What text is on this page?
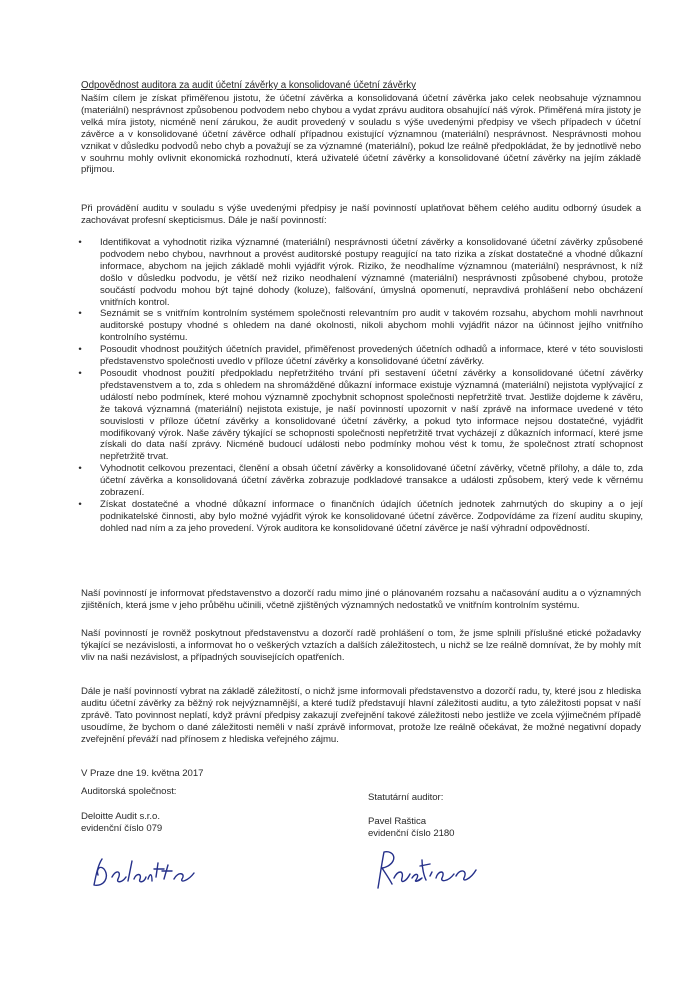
Odpovědnost auditora za audit účetní závěrky a konsolidované účetní závěrky
Naším cílem je získat přiměřenou jistotu, že účetní závěrka a konsolidovaná účetní závěrka jako celek neobsahuje významnou (materiální) nesprávnost způsobenou podvodem nebo chybou a vydat zprávu auditora obsahující náš výrok. Přiměřená míra jistoty je velká míra jistoty, nicméně není zárukou, že audit provedený v souladu s výše uvedenými předpisy ve všech případech v účetní závěrce a v konsolidované účetní závěrce odhalí případnou existující významnou (materiální) nesprávnost. Nesprávnosti mohou vznikat v důsledku podvodů nebo chyb a považují se za významné (materiální), pokud lze reálně předpokládat, že by jednotlivě nebo v souhrnu mohly ovlivnit ekonomická rozhodnutí, která uživatelé účetní závěrky a konsolidované účetní závěrky na jejím základě přijmou.
Při provádění auditu v souladu s výše uvedenými předpisy je naší povinností uplatňovat během celého auditu odborný úsudek a zachovávat profesní skepticismus. Dále je naší povinností:
•	Identifikovat a vyhodnotit rizika významné (materiální) nesprávnosti účetní závěrky a konsolidované účetní závěrky způsobené podvodem nebo chybou, navrhnout a provést auditorské postupy reagující na tato rizika a získat dostatečné a vhodné důkazní informace, abychom na jejich základě mohli vyjádřit výrok. Riziko, že neodhalíme významnou (materiální) nesprávnost, k níž došlo v důsledku podvodu, je větší než riziko neodhalení významné (materiální) nesprávnosti způsobené chybou, protože součástí podvodu mohou být tajné dohody (koluze), falšování, úmyslná opomenutí, nepravdivá prohlášení nebo obcházení vnitřních kontrol.
•	Seznámit se s vnitřním kontrolním systémem společnosti relevantním pro audit v takovém rozsahu, abychom mohli navrhnout auditorské postupy vhodné s ohledem na dané okolnosti, nikoli abychom mohli vyjádřit názor na účinnost jejího vnitřního kontrolního systému.
•	Posoudit vhodnost použitých účetních pravidel, přiměřenost provedených účetních odhadů a informace, které v této souvislosti představenstvo společnosti uvedlo v příloze účetní závěrky a konsolidované účetní závěrky.
•	Posoudit vhodnost použití předpokladu nepřetržitého trvání při sestavení účetní závěrky a konsolidované účetní závěrky představenstvem a to, zda s ohledem na shromážděné důkazní informace existuje významná (materiální) nejistota vyplývající z událostí nebo podmínek, které mohou významně zpochybnit schopnost společnosti nepřetržitě trvat. Jestliže dojdeme k závěru, že taková významná (materiální) nejistota existuje, je naší povinností upozornit v naší zprávě na informace uvedené v této souvislosti v příloze účetní závěrky a konsolidované účetní závěrky, a pokud tyto informace nejsou dostatečné, vyjádřit modifikovaný výrok. Naše závěry týkající se schopnosti společnosti nepřetržitě trvat vycházejí z důkazních informací, které jsme získali do data naší zprávy. Nicméně budoucí události nebo podmínky mohou vést k tomu, že společnost ztratí schopnost nepřetržitě trvat.
•	Vyhodnotit celkovou prezentaci, členění a obsah účetní závěrky a konsolidované účetní závěrky, včetně přílohy, a dále to, zda účetní závěrka a konsolidovaná účetní závěrka zobrazuje podkladové transakce a události způsobem, který vede k věrnému zobrazení.
•	Získat dostatečné a vhodné důkazní informace o finančních údajích účetních jednotek zahrnutých do skupiny a o její podnikatelské činnosti, aby bylo možné vyjádřit výrok ke konsolidované účetní závěrce. Zodpovídáme za řízení auditu skupiny, dohled nad ním a za jeho provedení. Výrok auditora ke konsolidované účetní závěrce je naší výhradní odpovědností.
Naší povinností je informovat představenstvo a dozorčí radu mimo jiné o plánovaném rozsahu a načasování auditu a o významných zjištěních, která jsme v jeho průběhu učinili, včetně zjištěných významných nedostatků ve vnitřním kontrolním systému.
Naší povinností je rovněž poskytnout představenstvu a dozorčí radě prohlášení o tom, že jsme splnili příslušné etické požadavky týkající se nezávislosti, a informovat ho o veškerých vztazích a dalších záležitostech, u nichž se lze reálně domnívat, že by mohly mít vliv na naši nezávislost, a případných souvisejících opatřeních.
Dále je naší povinností vybrat na základě záležitostí, o nichž jsme informovali představenstvo a dozorčí radu, ty, které jsou z hlediska auditu účetní závěrky za běžný rok nejvýznamnější, a které tudíž představují hlavní záležitosti auditu, a tyto záležitosti popsat v naší zprávě. Tato povinnost neplatí, když právní předpisy zakazují zveřejnění takové záležitosti nebo jestliže ve zcela výjimečném případě usoudíme, že bychom o dané záležitosti neměli v naší zprávě informovat, protože lze reálně očekávat, že možné negativní dopady zveřejnění převáží nad přínosem z hlediska veřejného zájmu.
V Praze dne 19. května 2017
Auditorská společnost:
Deloitte Audit s.r.o.
evidenční číslo 079
Statutární auditor:
Pavel Raštica
evidenční číslo 2180
